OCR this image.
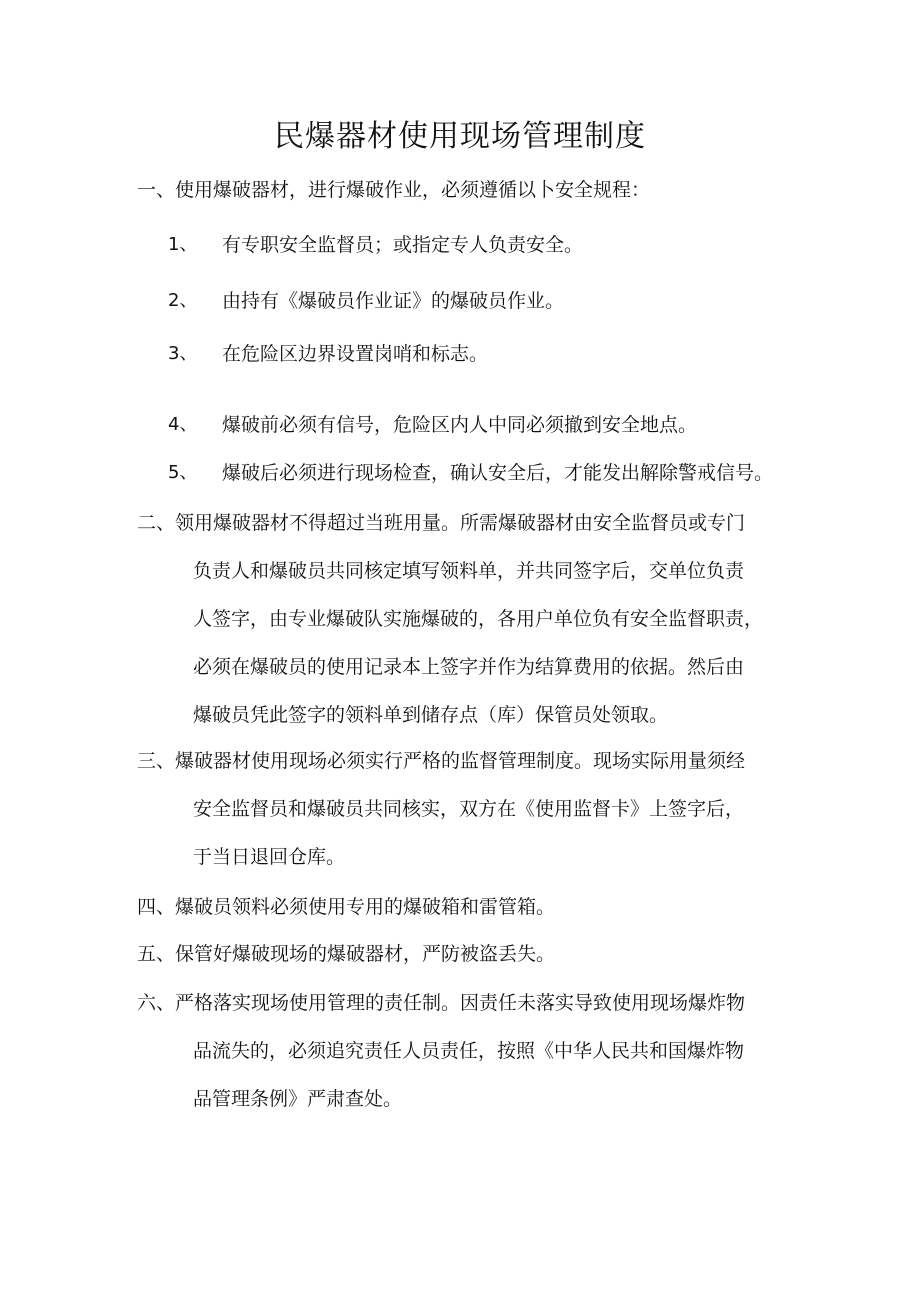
民爆器材使用现场管理制度
一、使用爆破器材，进行爆破作业，必须遵循以卜安全规程：
1、 有专职安全监督员；或指定专人负责安全。
2、 由持有《爆破员作业证》的爆破员作业。
3、 在危险区边界设置岗哨和标志。
4、 爆破前必须有信号，危险区内人中同必须撤到安全地点。
5、 爆破后必须进行现场检查，确认安全后，才能发出解除警戒信号。
二、领用爆破器材不得超过当班用量。所需爆破器材由安全监督员或专门
负责人和爆破员共同核定填写领料单，并共同签字后，交单位负责
人签字，由专业爆破队实施爆破的，各用户单位负有安全监督职责，
必须在爆破员的使用记录本上签字并作为结算费用的依据。然后由
爆破员凭此签字的领料单到储存点（库）保管员处领取。
三、爆破器材使用现场必须实行严格的监督管理制度。现场实际用量须经
安全监督员和爆破员共同核实，双方在《使用监督卡》上签字后，
于当日退回仓库。
四、爆破员领料必须使用专用的爆破箱和雷管箱。
五、保管好爆破现场的爆破器材，严防被盗丢失。
六、严格落实现场使用管理的责任制。因责任未落实导致使用现场爆炸物
品流失的，必须追究责任人员责任，按照《中华人民共和国爆炸物
品管理条例》严肃查处。
